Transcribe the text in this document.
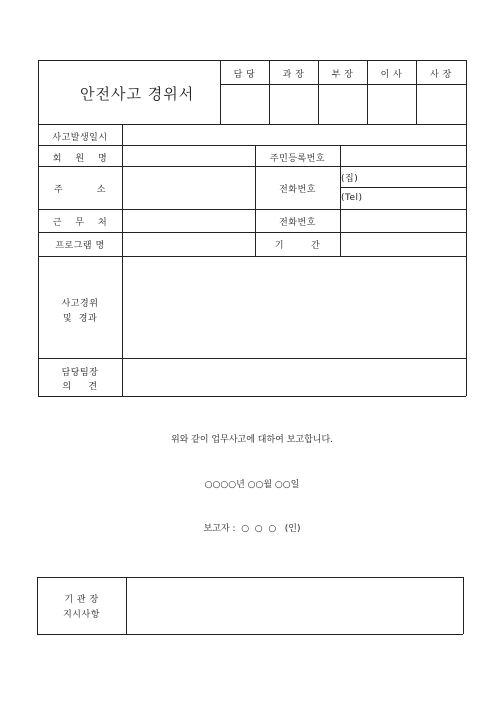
안전사고 경위서
담 당	과 장	부 장	이 사	사 장
사고발생일시
회    원    명	주민등록번호
주          소	전화번호
(집)
(Tel)
근    무    처	전화번호
프로그램 명	기        간
사고경위
및  경과
담당팀장
의     견
위와 같이 업무사고에 대하여 보고합니다.
○○○○년 ○○월 ○○일
보고자 :  ○  ○  ○   (인)
기 관 장
지시사항
